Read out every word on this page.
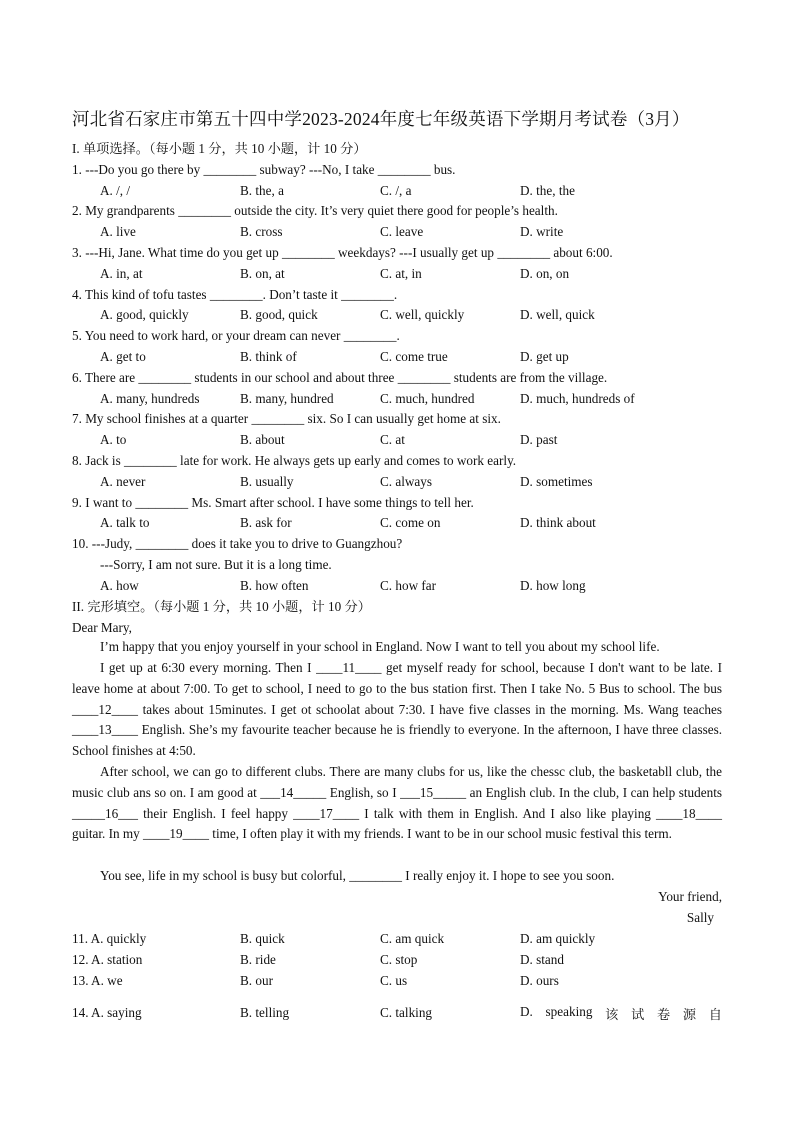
河北省石家庄市第五十四中学2023-2024年度七年级英语下学期月考试卷（3月）
I. 单项选择。（每小题 1 分，共 10 小题，计 10 分）
1. ---Do you go there by ________ subway? ---No, I take ________ bus.
A. /, /	B. the, a	C. /, a	D. the, the
2. My grandparents ________ outside the city. It’s very quiet there good for people’s health.
A. live	B. cross	C. leave	D. write
3. ---Hi, Jane. What time do you get up ________ weekdays? ---I usually get up ________ about 6:00.
A. in, at	B. on, at	C. at, in	D. on, on
4. This kind of tofu tastes ________. Don’t taste it ________.
A. good, quickly	B. good, quick	C. well, quickly	D. well, quick
5. You need to work hard, or your dream can never ________.
A. get to	B. think of	C. come true	D. get up
6. There are ________ students in our school and about three ________ students are from the village.
A. many, hundreds	B. many, hundred	C. much, hundred	D. much, hundreds of
7. My school finishes at a quarter ________ six. So I can usually get home at six.
A. to	B. about	C. at	D. past
8. Jack is ________ late for work. He always gets up early and comes to work early.
A. never	B. usually	C. always	D. sometimes
9. I want to ________ Ms. Smart after school. I have some things to tell her.
A. talk to	B. ask for	C. come on	D. think about
10. ---Judy, ________ does it take you to drive to Guangzhou?
---Sorry, I am not sure. But it is a long time.
A. how	B. how often	C. how far	D. how long
II. 完形填空。（每小题 1 分，共 10 小题，计 10 分）
Dear Mary,
I’m happy that you enjoy yourself in your school in England. Now I want to tell you about my school life.
I get up at 6:30 every morning. Then I ____11____ get myself ready for school, because I don't want to be late. I leave home at about 7:00. To get to school, I need to go to the bus station first. Then I take No. 5 Bus to school. The bus ____12____ takes about 15minutes. I get ot schoolat about 7:30. I have five classes in the morning. Ms. Wang teaches ____13____ English. She’s my favourite teacher because he is friendly to everyone. In the afternoon, I have three classes. School finishes at 4:50.
After school, we can go to different clubs. There are many clubs for us, like the chessc club, the basketabll club, the music club ans so on. I am good at ___14_____ English, so I ___15_____ an English club. In the club, I can help students _____16___ their English. I feel happy ____17____ I talk with them in English. And I also like playing ____18____ guitar. In my ____19____ time, I often play it with my friends. I want to be in our school music festival this term.
You see, life in my school is busy but colorful, ________ I really enjoy it. I hope to see you soon.
Your friend,
Sally
11. A. quickly	B. quick	C. am quick	D. am quickly
12. A. station	B. ride	C. stop	D. stand
13. A. we	B. our	C. us	D. ours
14. A. saying	B. telling	C. talking	D. speaking 该 试 卷 源 自
